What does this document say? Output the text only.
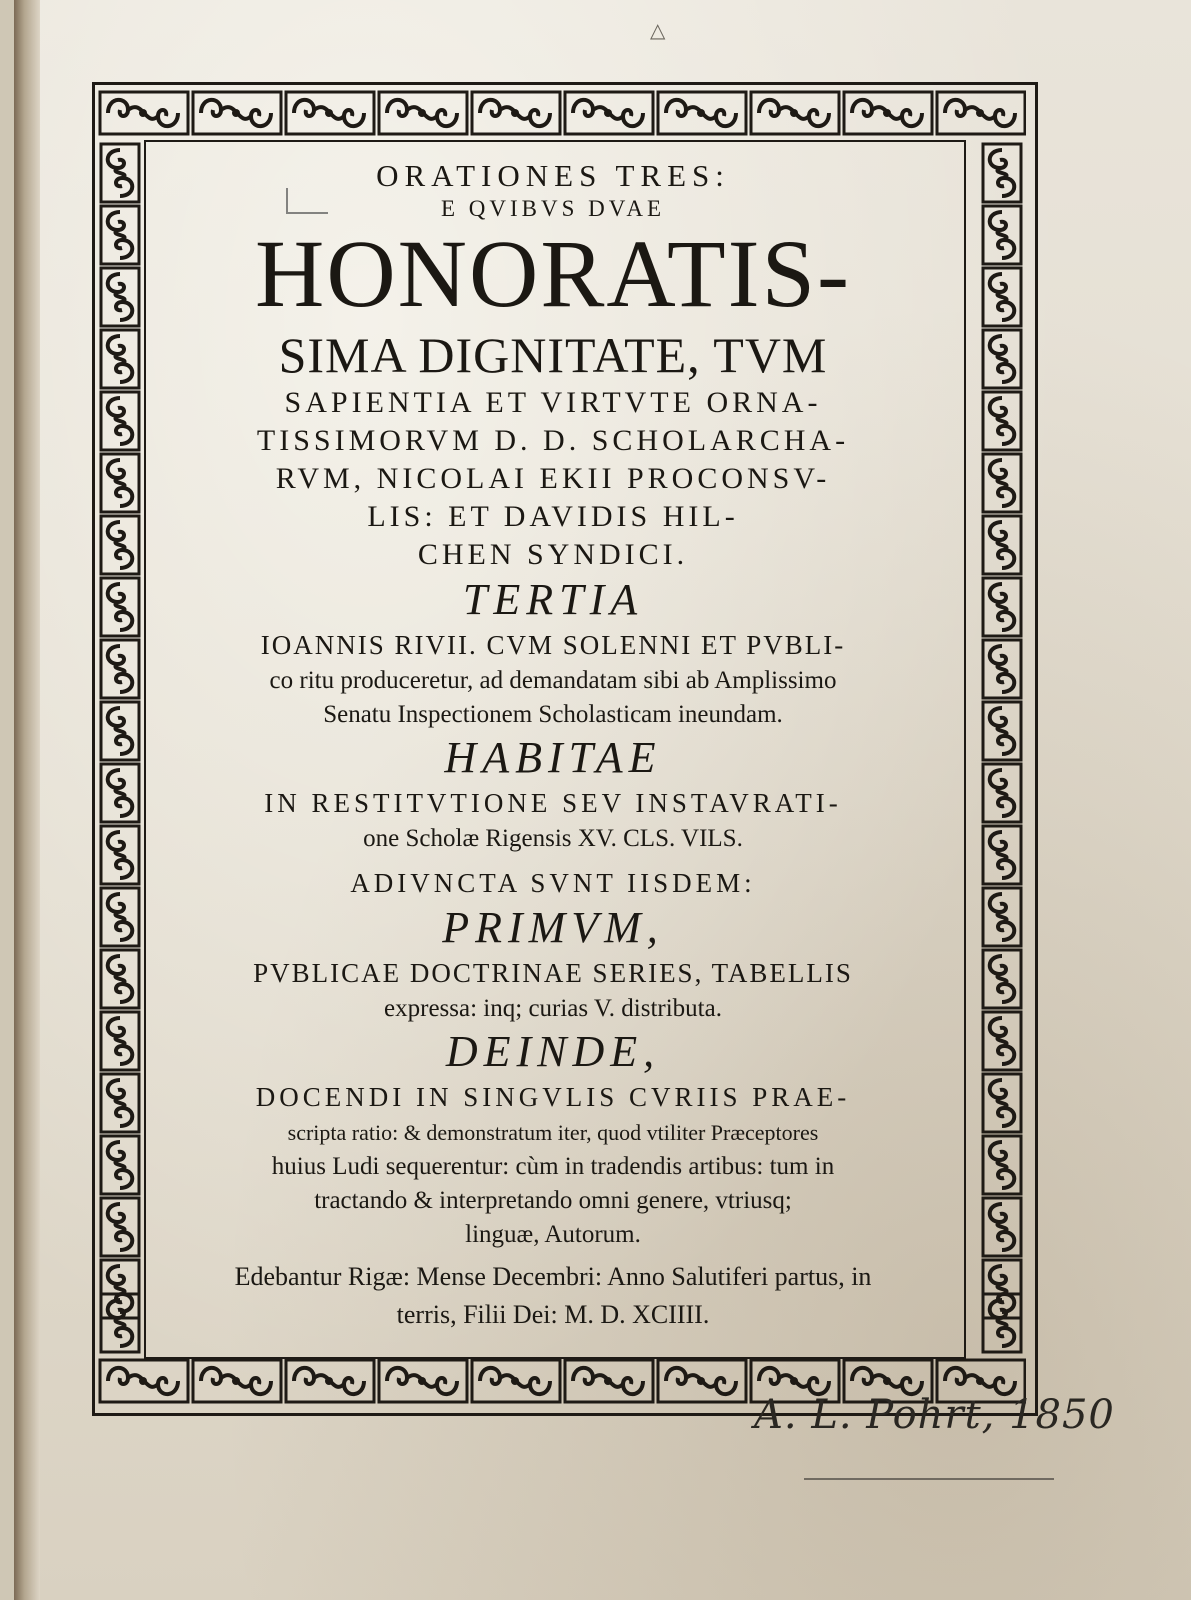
△

ORATIONES TRES:

E QVIBVS DVAE

HONORATIS-

SIMA DIGNITATE, TVM

SAPIENTIA ET VIRTVTE ORNA-

TISSIMORVM D. D. SCHOLARCHA-

RVM, NICOLAI EKII PROCONSV-

LIS: ET DAVIDIS HIL-

CHEN SYNDICI.

TERTIA

IOANNIS RIVII. CVM SOLENNI ET PVBLI-

co ritu produceretur, ad demandatam sibi ab Amplissimo

Senatu Inspectionem Scholasticam ineundam.

HABITAE

IN RESTITVTIONE SEV INSTAVRATI-

one Scholæ Rigensis XV. CLS. VILS.

ADIVNCTA SVNT IISDEM:

PRIMVM,

PVBLICAE DOCTRINAE SERIES, TABELLIS

expressa: inq; curias V. distributa.

DEINDE,

DOCENDI IN SINGVLIS CVRIIS PRAE-

scripta ratio: & demonstratum iter, quod vtiliter Præceptores

huius Ludi sequerentur: cùm in tradendis artibus: tum in

tractando & interpretando omni genere, vtriusq;

linguæ, Autorum.

Edebantur Rigæ: Mense Decembri: Anno Salutiferi partus, in

terris, Filii Dei: M. D. XCIIII.

A. L. Pohrt, 1850
